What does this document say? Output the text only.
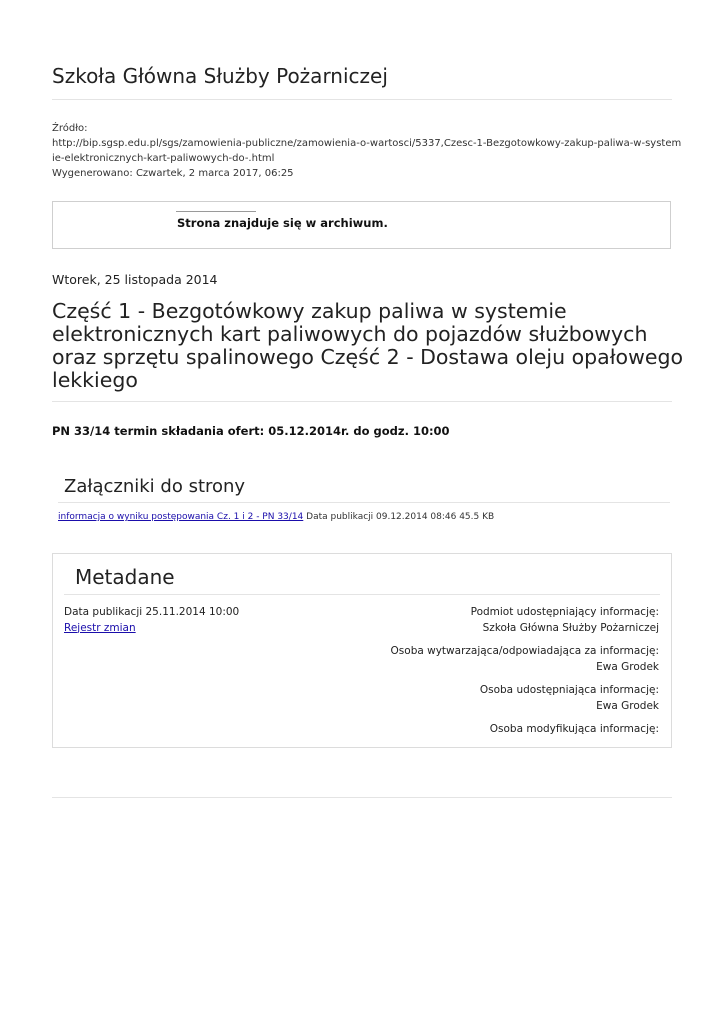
Szkoła Główna Służby Pożarniczej
Źródło:
http://bip.sgsp.edu.pl/sgs/zamowienia-publiczne/zamowienia-o-wartosci/5337,Czesc-1-Bezgotowkowy-zakup-paliwa-w-system
ie-elektronicznych-kart-paliwowych-do-.html
Wygenerowano: Czwartek, 2 marca 2017, 06:25
Strona znajduje się w archiwum.
Wtorek, 25 listopada 2014
Część 1 - Bezgotówkowy zakup paliwa w systemie elektronicznych kart paliwowych do pojazdów służbowych oraz sprzętu spalinowego Część 2 - Dostawa oleju opałowego lekkiego
PN 33/14 termin składania ofert: 05.12.2014r. do godz. 10:00
Załączniki do strony
informacja o wyniku postępowania Cz. 1 i 2 - PN 33/14 Data publikacji 09.12.2014 08:46 45.5 KB
Metadane
Data publikacji 25.11.2014 10:00
Rejestr zmian
Podmiot udostępniający informację:
Szkoła Główna Służby Pożarniczej
Osoba wytwarzająca/odpowiadająca za informację:
Ewa Grodek
Osoba udostępniająca informację:
Ewa Grodek
Osoba modyfikująca informację:
